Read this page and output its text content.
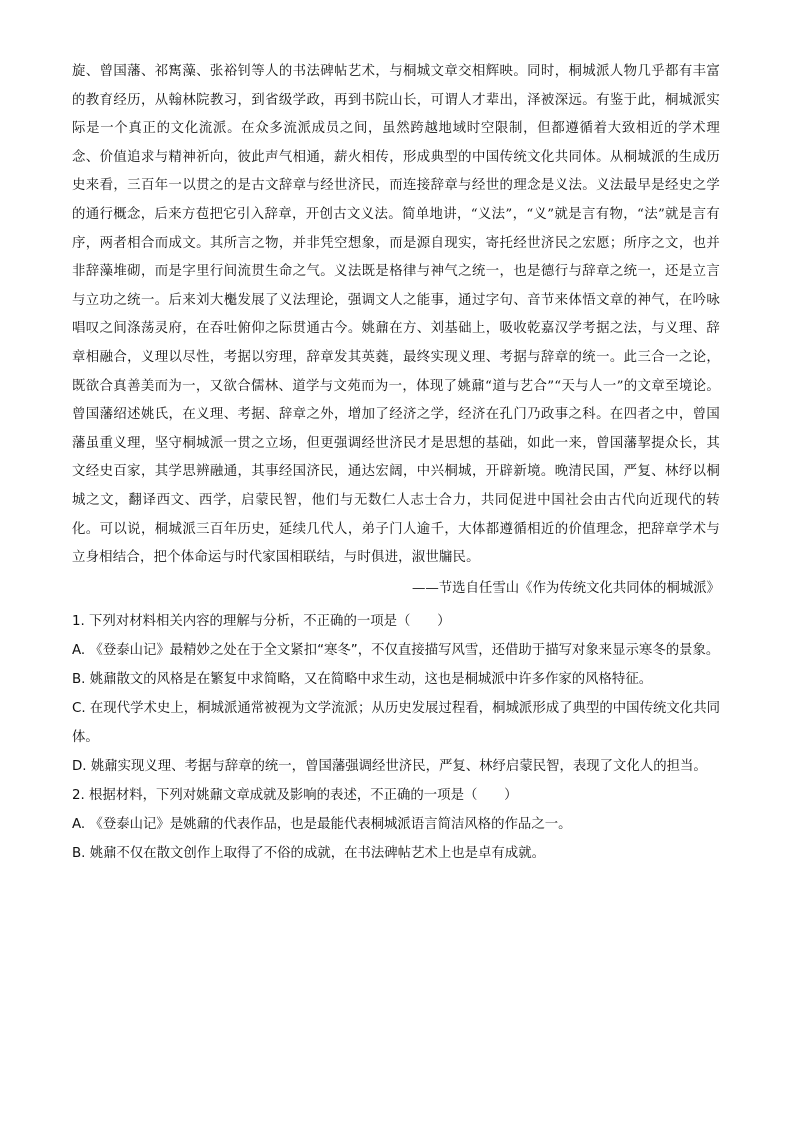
旋、曾国藩、祁寯藻、张裕钊等人的书法碑帖艺术，与桐城文章交相辉映。同时，桐城派人物几乎都有丰富的教育经历，从翰林院教习，到省级学政，再到书院山长，可谓人才辈出，泽被深远。有鉴于此，桐城派实际是一个真正的文化流派。在众多流派成员之间，虽然跨越地域时空限制，但都遵循着大致相近的学术理念、价值追求与精神祈向，彼此声气相通，薪火相传，形成典型的中国传统文化共同体。从桐城派的生成历史来看，三百年一以贯之的是古文辞章与经世济民，而连接辞章与经世的理念是义法。义法最早是经史之学的通行概念，后来方苞把它引入辞章，开创古文义法。简单地讲，“义法”，“义”就是言有物，“法”就是言有序，两者相合而成文。其所言之物，并非凭空想象，而是源自现实，寄托经世济民之宏愿；所序之文，也并非辞藻堆砌，而是字里行间流贯生命之气。义法既是格律与神气之统一，也是德行与辞章之统一，还是立言与立功之统一。后来刘大櫆发展了义法理论，强调文人之能事，通过字句、音节来体悟文章的神气，在吟咏唱叹之间涤荡灵府，在吞吐俯仰之际贯通古今。姚鼐在方、刘基础上，吸收乾嘉汉学考据之法，与义理、辞章相融合，义理以尽性，考据以穷理，辞章发其英蕤，最终实现义理、考据与辞章的统一。此三合一之论，既欲合真善美而为一，又欲合儒林、道学与文苑而为一，体现了姚鼐“道与艺合”“天与人一”的文章至境论。曾国藩绍述姚氏，在义理、考据、辞章之外，增加了经济之学，经济在孔门乃政事之科。在四者之中，曾国藩虽重义理，坚守桐城派一贯之立场，但更强调经世济民才是思想的基础，如此一来，曾国藩挈提众长，其文经史百家，其学思辨融通，其事经国济民，通达宏阔，中兴桐城，开辟新境。晚清民国，严复、林纾以桐城之文，翻译西文、西学，启蒙民智，他们与无数仁人志士合力，共同促进中国社会由古代向近现代的转化。可以说，桐城派三百年历史，延续几代人，弟子门人逾千，大体都遵循相近的价值理念，把辞章学术与立身相结合，把个体命运与时代家国相联结，与时俱进，淑世牖民。

——节选自任雪山《作为传统文化共同体的桐城派》

1. 下列对材料相关内容的理解与分析，不正确的一项是（　　）

A. 《登泰山记》最精妙之处在于全文紧扣“寒冬”，不仅直接描写风雪，还借助于描写对象来显示寒冬的景象。

B. 姚鼐散文的风格是在繁复中求简略，又在简略中求生动，这也是桐城派中许多作家的风格特征。

C. 在现代学术史上，桐城派通常被视为文学流派；从历史发展过程看，桐城派形成了典型的中国传统文化共同体。

D. 姚鼐实现义理、考据与辞章的统一，曾国藩强调经世济民，严复、林纾启蒙民智，表现了文化人的担当。

2. 根据材料，下列对姚鼐文章成就及影响的表述，不正确的一项是（　　）

A. 《登泰山记》是姚鼐的代表作品，也是最能代表桐城派语言简洁风格的作品之一。

B. 姚鼐不仅在散文创作上取得了不俗的成就，在书法碑帖艺术上也是卓有成就。
